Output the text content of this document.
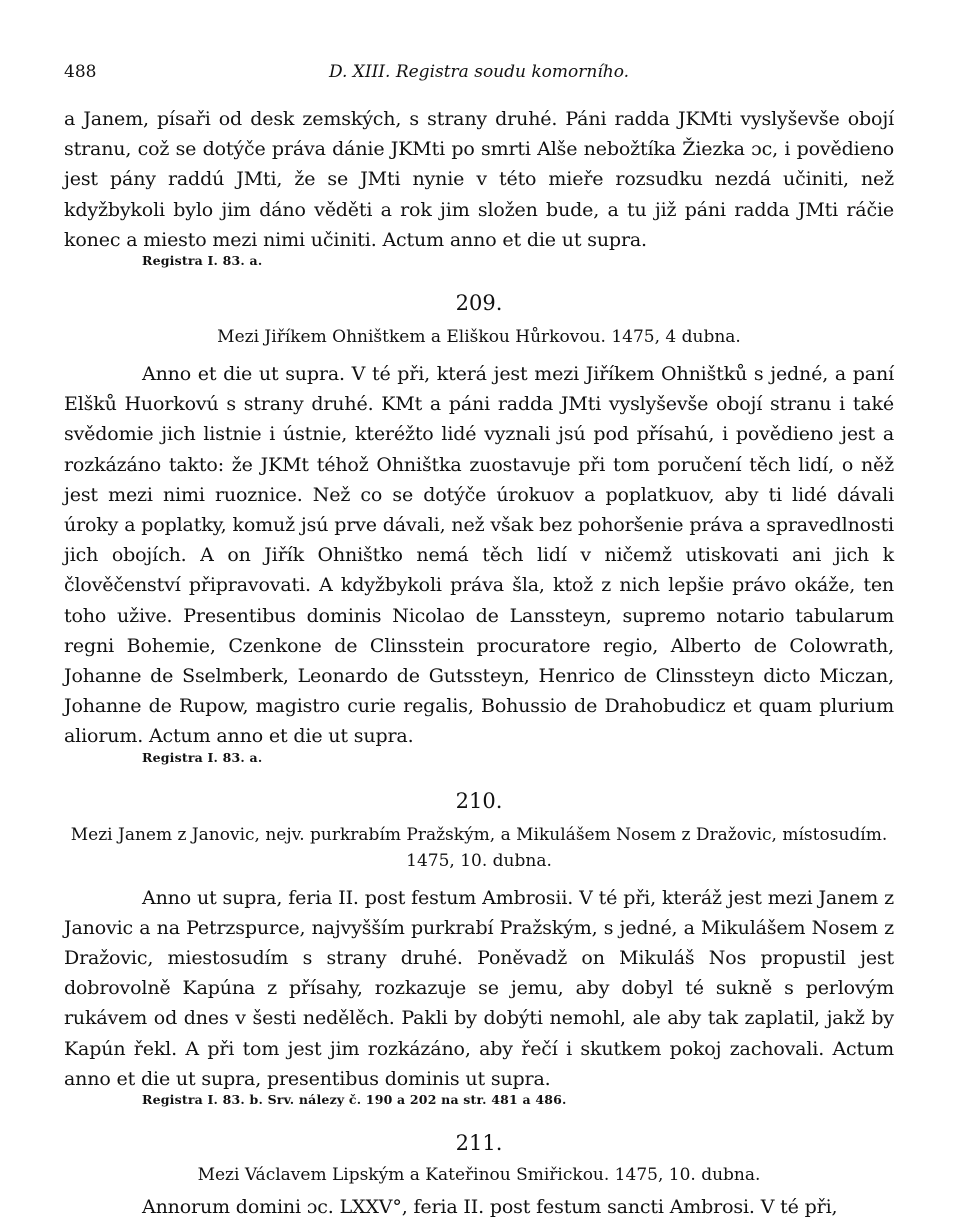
488	D. XIII. Registra soudu komorního.

a Janem, písaři od desk zemských, s strany druhé. Páni radda JKMti vyslyševše obojí stranu, což se dotýče práva dánie JKMti po smrti Alše nebožtíka Žiezka ɔc, i povědieno jest pány raddú JMti, že se JMti nynie v této mieře rozsudku nezdá učiniti, než kdyžbykoli bylo jim dáno věděti a rok jim složen bude, a tu již páni radda JMti ráčie konec a miesto mezi nimi učiniti. Actum anno et die ut supra.

Registra I. 83. a.
209.
Mezi Jiříkem Ohništkem a Eliškou Hůrkovou. 1475, 4 dubna.

Anno et die ut supra. V té při, která jest mezi Jiříkem Ohništků s jedné, a paní Elšků Huorkovú s strany druhé. KMt a páni radda JMti vyslyševše obojí stranu i také svědomie jich listnie i ústnie, kteréžto lidé vyznali jsú pod přísahú, i povědieno jest a rozkázáno takto: že JKMt téhož Ohništka zuostavuje při tom poručení těch lidí, o něž jest mezi nimi ruoznice. Než co se dotýče úrokuov a poplatkuov, aby ti lidé dávali úroky a poplatky, komuž jsú prve dávali, než však bez pohoršenie práva a spravedlnosti jich obojích. A on Jiřík Ohništko nemá těch lidí v ničemž utiskovati ani jich k člověčenství připravovati. A kdyžbykoli práva šla, ktož z nich lepšie právo okáže, ten toho užive. Presentibus dominis Nicolao de Lanssteyn, supremo notario tabularum regni Bohemie, Czenkone de Clinsstein procuratore regio, Alberto de Colowrath, Johanne de Sselmberk, Leonardo de Gutssteyn, Henrico de Clinssteyn dicto Miczan, Johanne de Rupow, magistro curie regalis, Bohussio de Drahobudicz et quam plurium aliorum. Actum anno et die ut supra.

Registra I. 83. a.
210.
Mezi Janem z Janovic, nejv. purkrabím Pražským, a Mikulášem Nosem z Dražovic, místosudím.
1475, 10. dubna.

Anno ut supra, feria II. post festum Ambrosii. V té při, kteráž jest mezi Janem z Janovic a na Petrzspurce, najvyšším purkrabí Pražským, s jedné, a Mikulášem Nosem z Dražovic, miestosudím s strany druhé. Poněvadž on Mikuláš Nos propustil jest dobrovolně Kapúna z přísahy, rozkazuje se jemu, aby dobyl té sukně s perlovým rukávem od dnes v šesti nedělěch. Pakli by dobýti nemohl, ale aby tak zaplatil, jakž by Kapún řekl. A při tom jest jim rozkázáno, aby řečí i skutkem pokoj zachovali. Actum anno et die ut supra, presentibus dominis ut supra.

Registra I. 83. b. Srv. nálezy č. 190 a 202 na str. 481 a 486.
211.
Mezi Václavem Lipským a Kateřinou Smiřickou. 1475, 10. dubna.

Annorum domini ɔc. LXXV°, feria II. post festum sancti Ambrosi. V té při,
